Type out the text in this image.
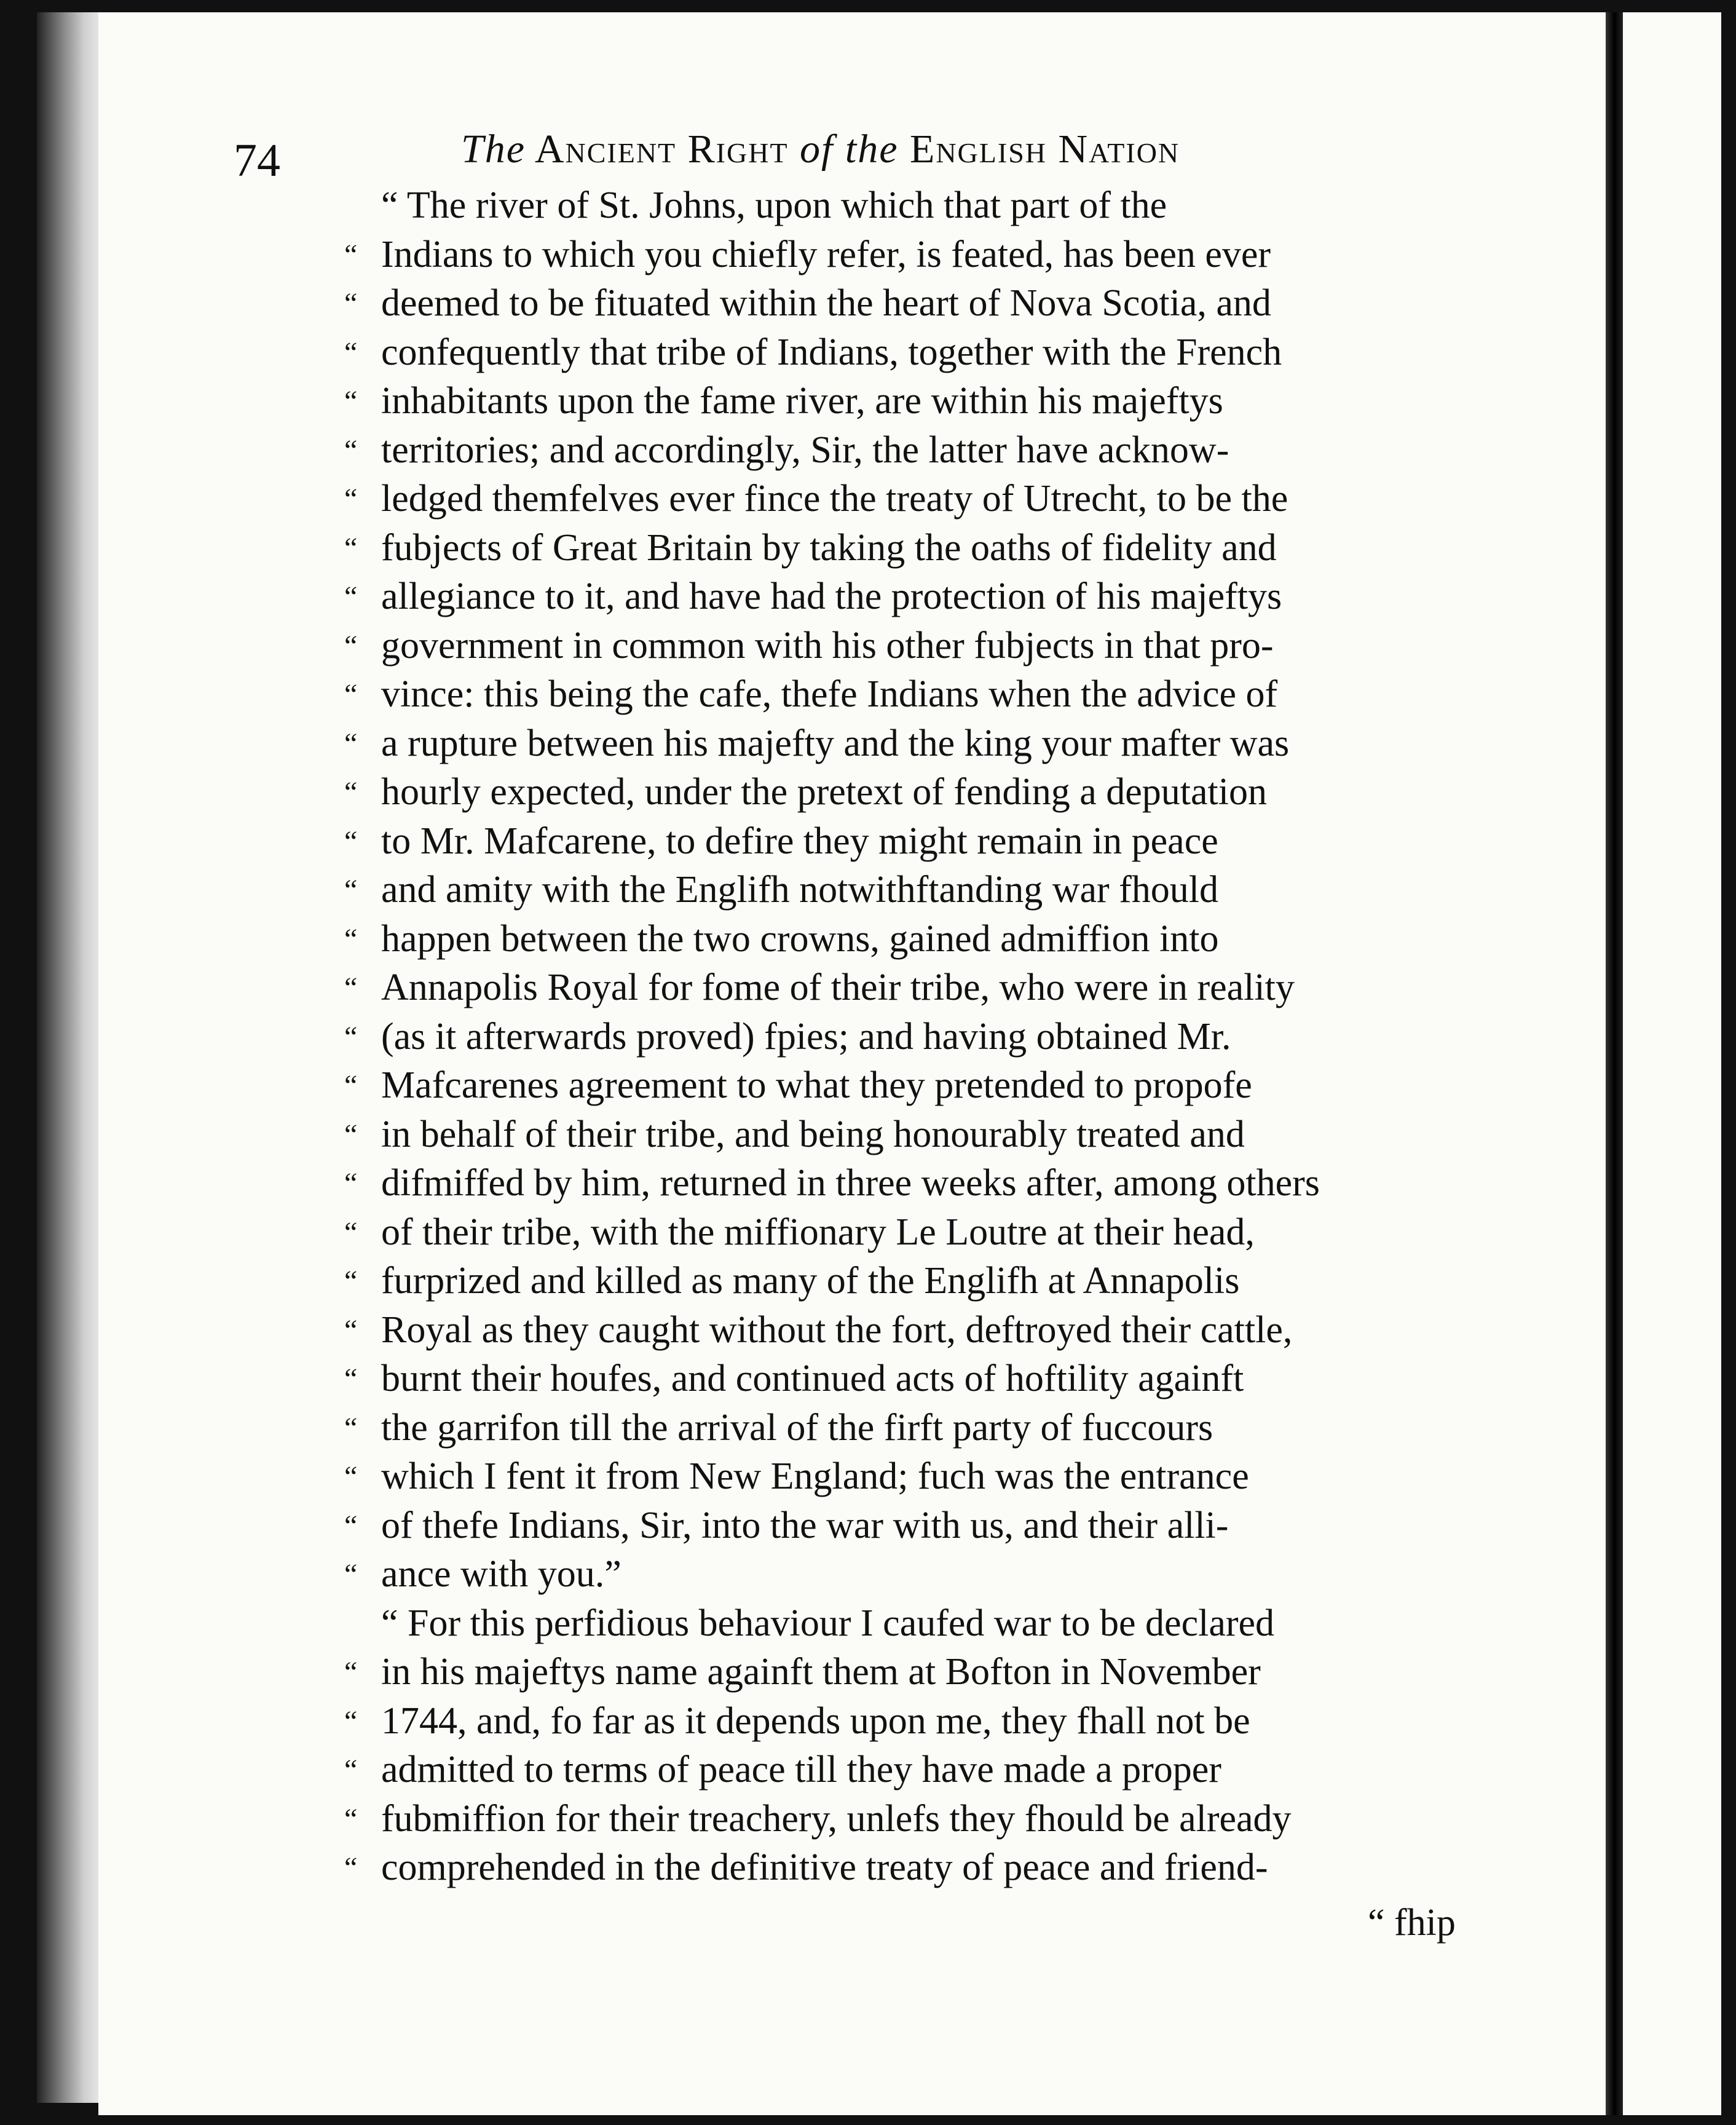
74	The Ancient Right of the English Nation
“ The river of St. Johns, upon which that part of the
“ Indians to which you chiefly refer, is feated, has been ever
“ deemed to be fituated within the heart of Nova Scotia, and
“ confequently that tribe of Indians, together with the French
“ inhabitants upon the fame river, are within his majeftys
“ territories; and accordingly, Sir, the latter have acknow-
“ ledged themfelves ever fince the treaty of Utrecht, to be the
“ fubjects of Great Britain by taking the oaths of fidelity and
“ allegiance to it, and have had the protection of his majeftys
“ government in common with his other fubjects in that pro-
“ vince: this being the cafe, thefe Indians when the advice of
“ a rupture between his majefty and the king your mafter was
“ hourly expected, under the pretext of fending a deputation
“ to Mr. Mafcarene, to defire they might remain in peace
“ and amity with the Englifh notwithftanding war fhould
“ happen between the two crowns, gained admiffion into
“ Annapolis Royal for fome of their tribe, who were in reality
“ (as it afterwards proved) fpies; and having obtained Mr.
“ Mafcarenes agreement to what they pretended to propofe
“ in behalf of their tribe, and being honourably treated and
“ difmiffed by him, returned in three weeks after, among others
“ of their tribe, with the miffionary Le Loutre at their head,
“ furprized and killed as many of the Englifh at Annapolis
“ Royal as they caught without the fort, deftroyed their cattle,
“ burnt their houfes, and continued acts of hoftility againft
“ the garrifon till the arrival of the firft party of fuccours
“ which I fent it from New England; fuch was the entrance
“ of thefe Indians, Sir, into the war with us, and their alli-
“ ance with you.”
“ For this perfidious behaviour I caufed war to be declared
“ in his majeftys name againft them at Bofton in November
“ 1744, and, fo far as it depends upon me, they fhall not be
“ admitted to terms of peace till they have made a proper
“ fubmiffion for their treachery, unlefs they fhould be already
“ comprehended in the definitive treaty of peace and friend-
“ fhip
